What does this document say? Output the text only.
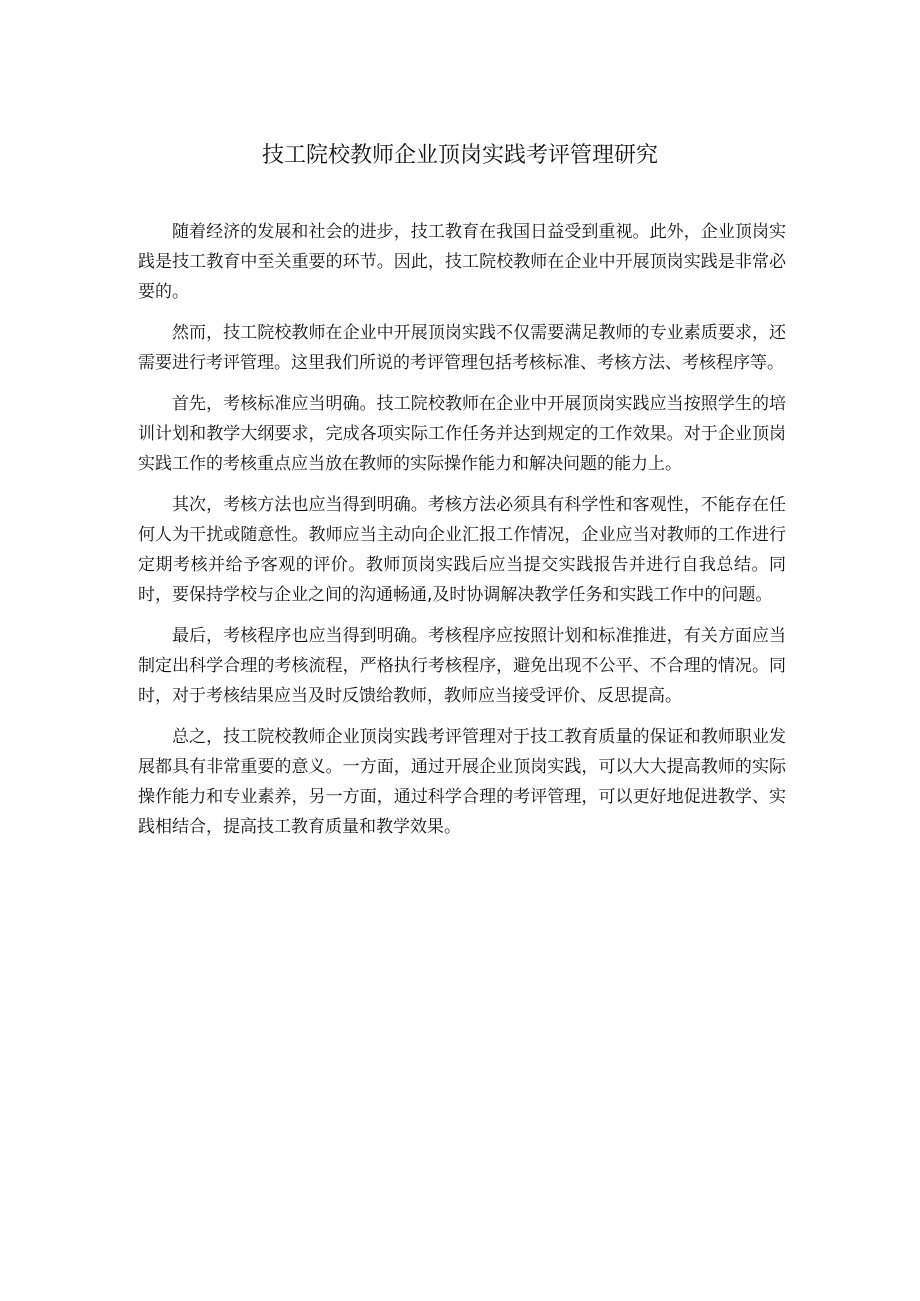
技工院校教师企业顶岗实践考评管理研究

随着经济的发展和社会的进步，技工教育在我国日益受到重视。此外，企业顶岗实践是技工教育中至关重要的环节。因此，技工院校教师在企业中开展顶岗实践是非常必要的。

然而，技工院校教师在企业中开展顶岗实践不仅需要满足教师的专业素质要求，还需要进行考评管理。这里我们所说的考评管理包括考核标准、考核方法、考核程序等。

首先，考核标准应当明确。技工院校教师在企业中开展顶岗实践应当按照学生的培训计划和教学大纲要求，完成各项实际工作任务并达到规定的工作效果。对于企业顶岗实践工作的考核重点应当放在教师的实际操作能力和解决问题的能力上。

其次，考核方法也应当得到明确。考核方法必须具有科学性和客观性，不能存在任何人为干扰或随意性。教师应当主动向企业汇报工作情况，企业应当对教师的工作进行定期考核并给予客观的评价。教师顶岗实践后应当提交实践报告并进行自我总结。同时，要保持学校与企业之间的沟通畅通,及时协调解决教学任务和实践工作中的问题。

最后，考核程序也应当得到明确。考核程序应按照计划和标准推进，有关方面应当制定出科学合理的考核流程，严格执行考核程序，避免出现不公平、不合理的情况。同时，对于考核结果应当及时反馈给教师，教师应当接受评价、反思提高。

总之，技工院校教师企业顶岗实践考评管理对于技工教育质量的保证和教师职业发展都具有非常重要的意义。一方面，通过开展企业顶岗实践，可以大大提高教师的实际操作能力和专业素养，另一方面，通过科学合理的考评管理，可以更好地促进教学、实践相结合，提高技工教育质量和教学效果。
